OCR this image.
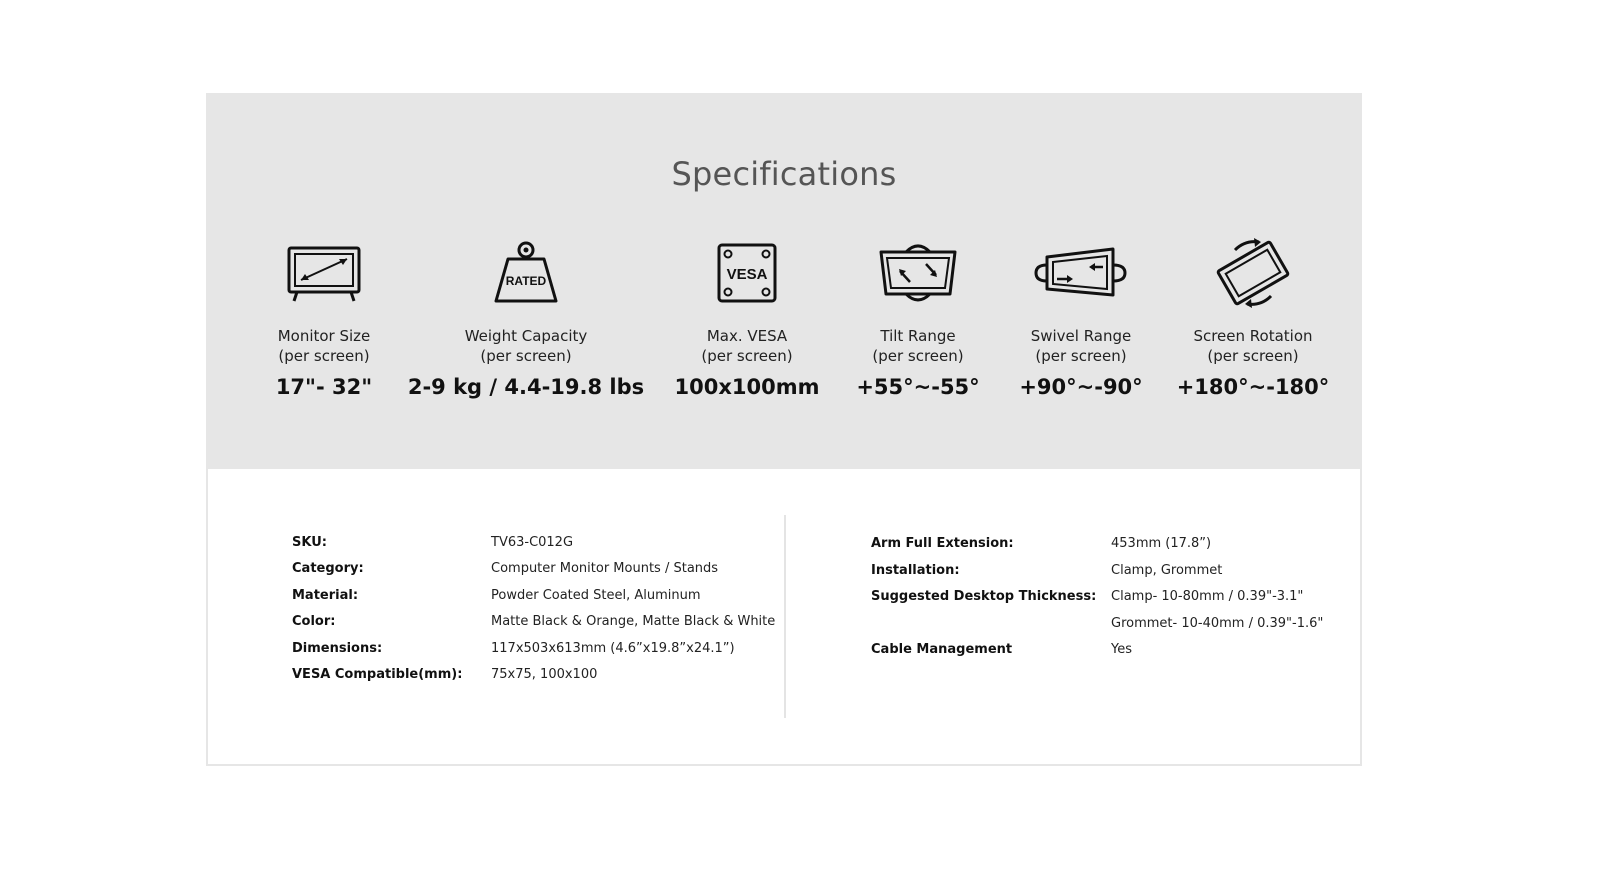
Specifications
Monitor Size
(per screen)
17"- 32"
RATED
Weight Capacity
(per screen)
2-9 kg / 4.4-19.8 lbs
VESA
Max. VESA
(per screen)
100x100mm
Tilt Range
(per screen)
+55°~-55°
Swivel Range
(per screen)
+90°~-90°
Screen Rotation
(per screen)
+180°~-180°
SKU:	TV63-C012G
Category:	Computer Monitor Mounts / Stands
Material:	Powder Coated Steel, Aluminum
Color:	Matte Black & Orange, Matte Black & White
Dimensions:	117x503x613mm (4.6”x19.8”x24.1”)
VESA Compatible(mm): 75x75, 100x100
Arm Full Extension:	453mm (17.8”)
Installation:	Clamp, Grommet
Suggested Desktop Thickness: Clamp- 10-80mm / 0.39"-3.1"
Grommet- 10-40mm / 0.39"-1.6"
Cable Management	Yes
